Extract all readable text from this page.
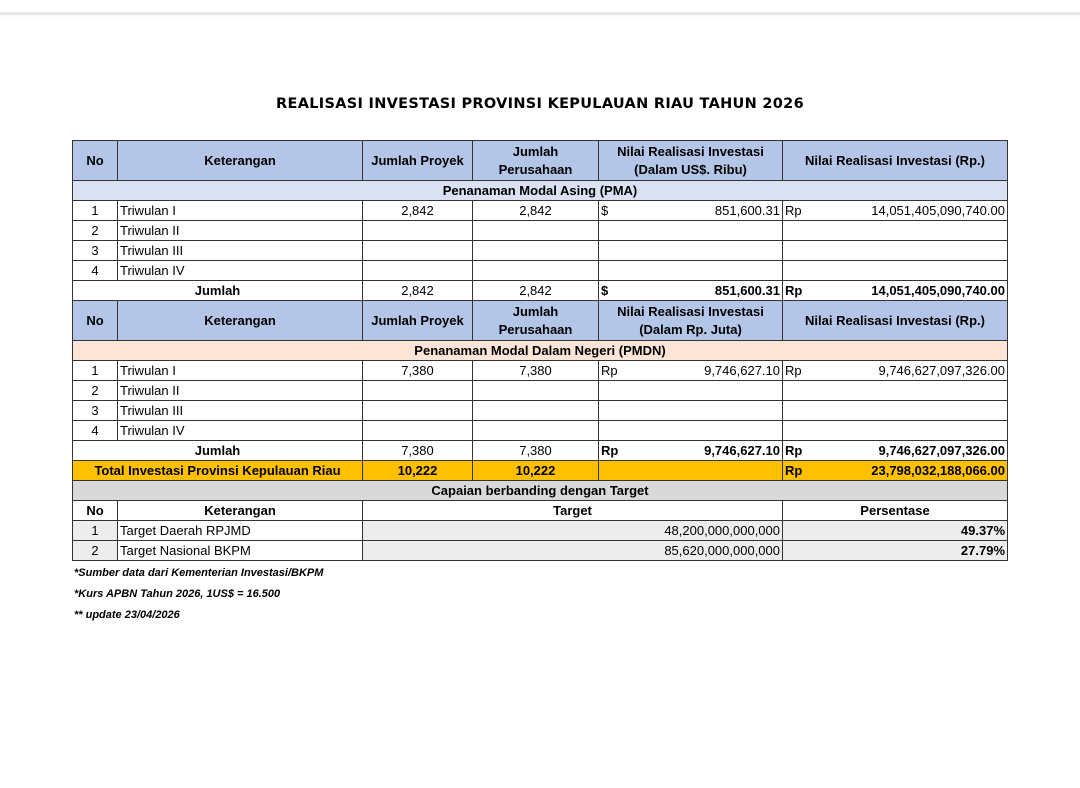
REALISASI INVESTASI PROVINSI KEPULAUAN RIAU TAHUN 2026
No	Keterangan	Jumlah Proyek	Jumlah Perusahaan	Nilai Realisasi Investasi (Dalam US$. Ribu)		Nilai Realisasi Investasi (Rp.)	
Penanaman Modal Asing (PMA)							
1	Triwulan I	2,842	2,842	$	851,600.31	Rp	14,051,405,090,740.00
2	Triwulan II						
3	Triwulan III						
4	Triwulan IV						
Jumlah		2,842	2,842	$	851,600.31	Rp	14,051,405,090,740.00
No	Keterangan	Jumlah Proyek	Jumlah Perusahaan	Nilai Realisasi Investasi (Dalam Rp. Juta)		Nilai Realisasi Investasi (Rp.)	
Penanaman Modal Dalam Negeri (PMDN)							
1	Triwulan I	7,380	7,380	Rp	9,746,627.10	Rp	9,746,627,097,326.00
2	Triwulan II						
3	Triwulan III						
4	Triwulan IV						
Jumlah		7,380	7,380	Rp	9,746,627.10	Rp	9,746,627,097,326.00
Total Investasi Provinsi Kepulauan Riau		10,222	10,222			Rp	23,798,032,188,066.00
Capaian berbanding dengan Target							
No	Keterangan	Target				Persentase	
1	Target Daerah RPJMD	48,200,000,000,000				49.37%	
2	Target Nasional BKPM	85,620,000,000,000				27.79%	
*Sumber data dari Kementerian Investasi/BKPM
*Kurs APBN Tahun 2026, 1US$ = 16.500
** update 23/04/2026
